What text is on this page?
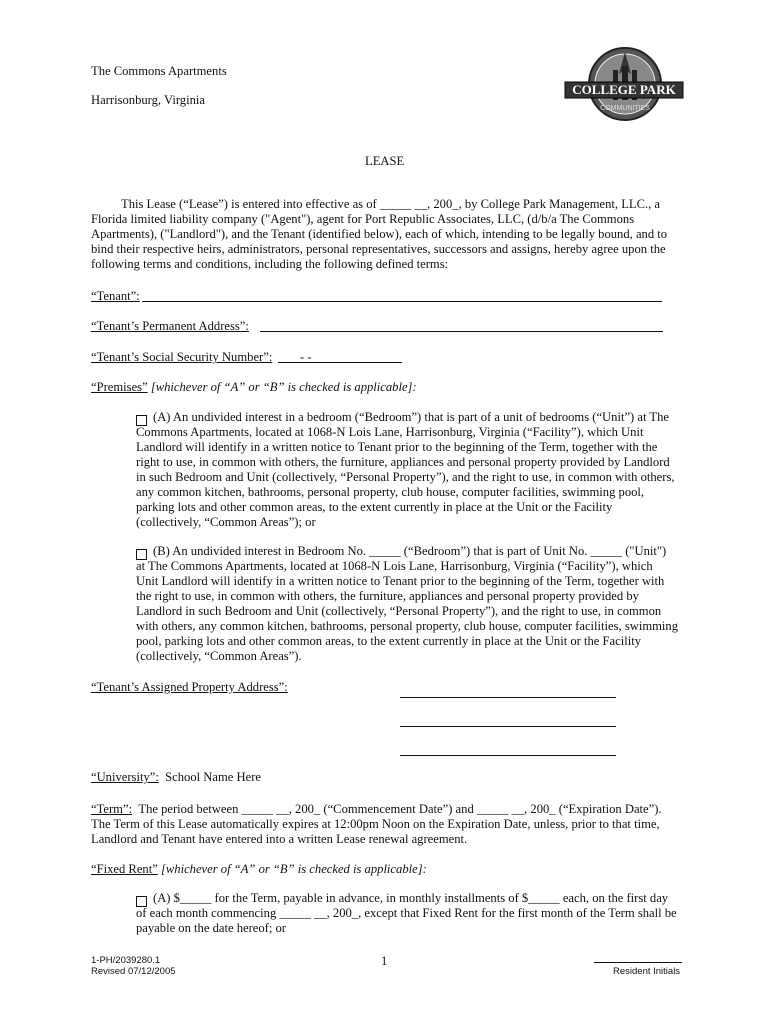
The Commons Apartments
Harrisonburg, Virginia
COLLEGE PARK
COMMUNITIES
LEASE
This Lease (“Lease”) is entered into effective as of _____ __, 200_, by College Park Management, LLC., a
Florida limited liability company ("Agent"), agent for Port Republic Associates, LLC, (d/b/a The Commons
Apartments), ("Landlord"), and the Tenant (identified below), each of which, intending to be legally bound, and to
bind their respective heirs, administrators, personal representatives, successors and assigns, hereby agree upon the
following terms and conditions, including the following defined terms:
“Tenant”:
“Tenant’s Permanent Address”:
“Tenant’s Social Security Number”: - -
“Premises” [whichever of “A” or “B” is checked is applicable]:
(A) An undivided interest in a bedroom (“Bedroom”) that is part of a unit of bedrooms (“Unit”) at The
Commons Apartments, located at 1068-N Lois Lane, Harrisonburg, Virginia (“Facility”), which Unit
Landlord will identify in a written notice to Tenant prior to the beginning of the Term, together with the
right to use, in common with others, the furniture, appliances and personal property provided by Landlord
in such Bedroom and Unit (collectively, “Personal Property”), and the right to use, in common with others,
any common kitchen, bathrooms, personal property, club house, computer facilities, swimming pool,
parking lots and other common areas, to the extent currently in place at the Unit or the Facility
(collectively, “Common Areas”); or
(B) An undivided interest in Bedroom No. _____ (“Bedroom”) that is part of Unit No. _____ ("Unit")
at The Commons Apartments, located at 1068-N Lois Lane, Harrisonburg, Virginia (“Facility”), which
Unit Landlord will identify in a written notice to Tenant prior to the beginning of the Term, together with
the right to use, in common with others, the furniture, appliances and personal property provided by
Landlord in such Bedroom and Unit (collectively, “Personal Property”), and the right to use, in common
with others, any common kitchen, bathrooms, personal property, club house, computer facilities, swimming
pool, parking lots and other common areas, to the extent currently in place at the Unit or the Facility
(collectively, “Common Areas”).
“Tenant’s Assigned Property Address”:
“University”: School Name Here
“Term”: The period between _____ __, 200_ (“Commencement Date”) and _____ __, 200_ (“Expiration Date”).
The Term of this Lease automatically expires at 12:00pm Noon on the Expiration Date, unless, prior to that time,
Landlord and Tenant have entered into a written Lease renewal agreement.
“Fixed Rent” [whichever of “A” or “B” is checked is applicable]:
(A) $_____ for the Term, payable in advance, in monthly installments of $_____ each, on the first day
of each month commencing _____ __, 200_, except that Fixed Rent for the first month of the Term shall be
payable on the date hereof; or
1-PH/2039280.1
Revised 07/12/2005
1
Resident Initials
